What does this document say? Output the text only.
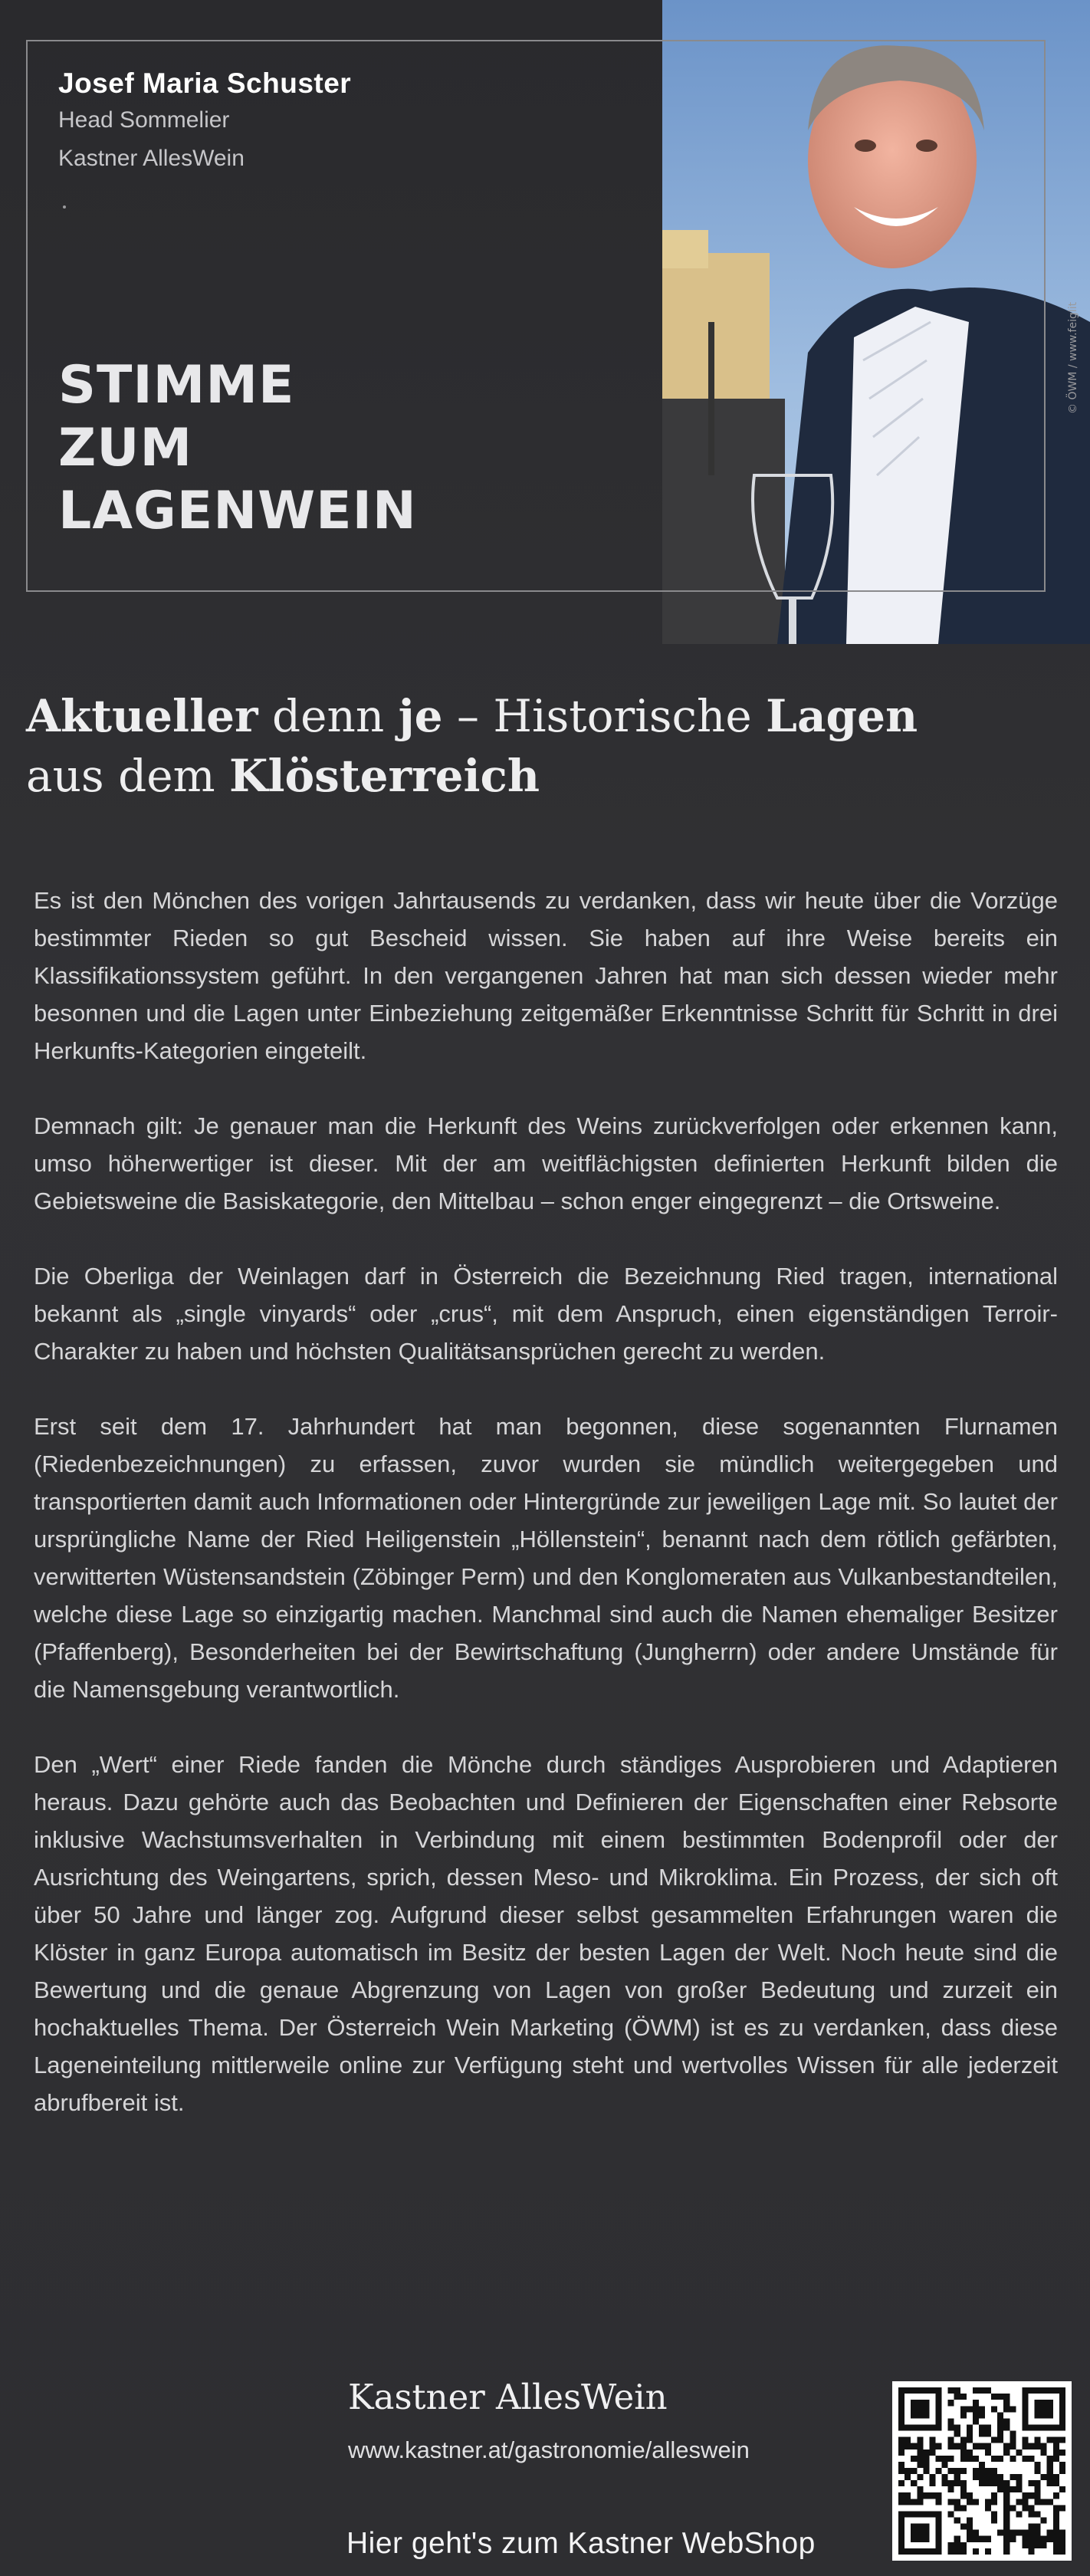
Josef Maria Schuster
Head Sommelier
Kastner AllesWein
STIMME
ZUM
LAGENWEIN
© ÖWM / www.feiglit
Aktueller denn je – Historische Lagen
aus dem Klösterreich

Es ist den Mönchen des vorigen Jahrtausends zu verdanken, dass wir heute über die Vorzüge bestimmter Rieden so gut Bescheid wissen. Sie haben auf ihre Weise bereits ein Klassifikationssystem geführt. In den vergangenen Jahren hat man sich dessen wieder mehr besonnen und die Lagen unter Einbeziehung zeitgemäßer Erkenntnisse Schritt für Schritt in drei Herkunfts-Kategorien eingeteilt.

Demnach gilt: Je genauer man die Herkunft des Weins zurückverfolgen oder erkennen kann, umso höherwertiger ist dieser. Mit der am weitflächigsten definierten Herkunft bilden die Gebietsweine die Basiskategorie, den Mittelbau – schon enger eingegrenzt – die Ortsweine.

Die Oberliga der Weinlagen darf in Österreich die Bezeichnung Ried tragen, international bekannt als „single vinyards“ oder „crus“, mit dem Anspruch, einen eigenständigen Terroir-Charakter zu haben und höchsten Qualitätsansprüchen gerecht zu werden.

Erst seit dem 17. Jahrhundert hat man begonnen, diese sogenannten Flurnamen (Riedenbezeichnungen) zu erfassen, zuvor wurden sie mündlich weitergegeben und transportierten damit auch Informationen oder Hintergründe zur jeweiligen Lage mit. So lautet der ursprüngliche Name der Ried Heiligenstein „Höllenstein“, benannt nach dem rötlich gefärbten, verwitterten Wüstensandstein (Zöbinger Perm) und den Konglomeraten aus Vulkanbestandteilen, welche diese Lage so einzigartig machen. Manchmal sind auch die Namen ehemaliger Besitzer (Pfaffenberg), Besonderheiten bei der Bewirtschaftung (Jungherrn) oder andere Umstände für die Namensgebung verantwortlich.

Den „Wert“ einer Riede fanden die Mönche durch ständiges Ausprobieren und Adaptieren heraus. Dazu gehörte auch das Beobachten und Definieren der Eigenschaften einer Rebsorte inklusive Wachstumsverhalten in Verbindung mit einem bestimmten Bodenprofil oder der Ausrichtung des Weingartens, sprich, dessen Meso- und Mikroklima. Ein Prozess, der sich oft über 50 Jahre und länger zog. Aufgrund dieser selbst gesammelten Erfahrungen waren die Klöster in ganz Europa automatisch im Besitz der besten Lagen der Welt. Noch heute sind die Bewertung und die genaue Abgrenzung von Lagen von großer Bedeutung und zurzeit ein hochaktuelles Thema. Der Österreich Wein Marketing (ÖWM) ist es zu verdanken, dass diese Lageneinteilung mittlerweile online zur Verfügung steht und wertvolles Wissen für alle jederzeit abrufbereit ist.

Kastner AllesWein
www.kastner.at/gastronomie/alleswein
Hier geht's zum Kastner WebShop
